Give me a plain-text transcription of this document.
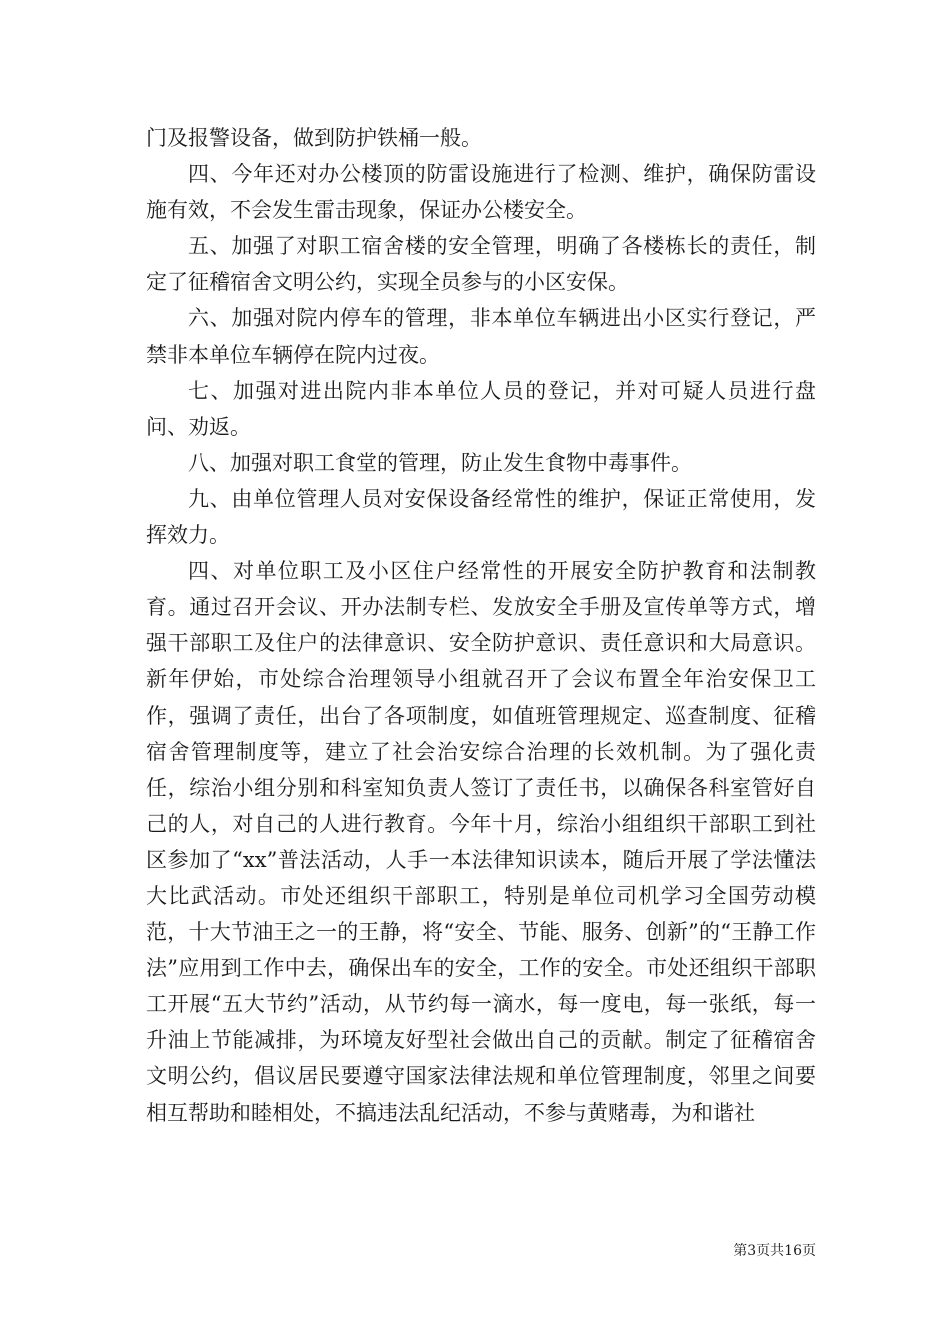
门及报警设备，做到防护铁桶一般。

四、今年还对办公楼顶的防雷设施进行了检测、维护，确保防雷设施有效，不会发生雷击现象，保证办公楼安全。

五、加强了对职工宿舍楼的安全管理，明确了各楼栋长的责任，制定了征稽宿舍文明公约，实现全员参与的小区安保。

六、加强对院内停车的管理，非本单位车辆进出小区实行登记，严禁非本单位车辆停在院内过夜。

七、加强对进出院内非本单位人员的登记，并对可疑人员进行盘问、劝返。

八、加强对职工食堂的管理，防止发生食物中毒事件。

九、由单位管理人员对安保设备经常性的维护，保证正常使用，发挥效力。

四、对单位职工及小区住户经常性的开展安全防护教育和法制教育。通过召开会议、开办法制专栏、发放安全手册及宣传单等方式，增强干部职工及住户的法律意识、安全防护意识、责任意识和大局意识。新年伊始，市处综合治理领导小组就召开了会议布置全年治安保卫工作，强调了责任，出台了各项制度，如值班管理规定、巡查制度、征稽宿舍管理制度等，建立了社会治安综合治理的长效机制。为了强化责任，综治小组分别和科室知负责人签订了责任书，以确保各科室管好自己的人，对自己的人进行教育。今年十月，综治小组组织干部职工到社区参加了“xx”普法活动，人手一本法律知识读本，随后开展了学法懂法大比武活动。市处还组织干部职工，特别是单位司机学习全国劳动模范，十大节油王之一的王静，将“安全、节能、服务、创新”的“王静工作法”应用到工作中去，确保出车的安全，工作的安全。市处还组织干部职工开展“五大节约”活动，从节约每一滴水，每一度电，每一张纸，每一升油上节能减排，为环境友好型社会做出自己的贡献。制定了征稽宿舍文明公约，倡议居民要遵守国家法律法规和单位管理制度，邻里之间要相互帮助和睦相处，不搞违法乱纪活动，不参与黄赌毒，为和谐社

第3页共16页
